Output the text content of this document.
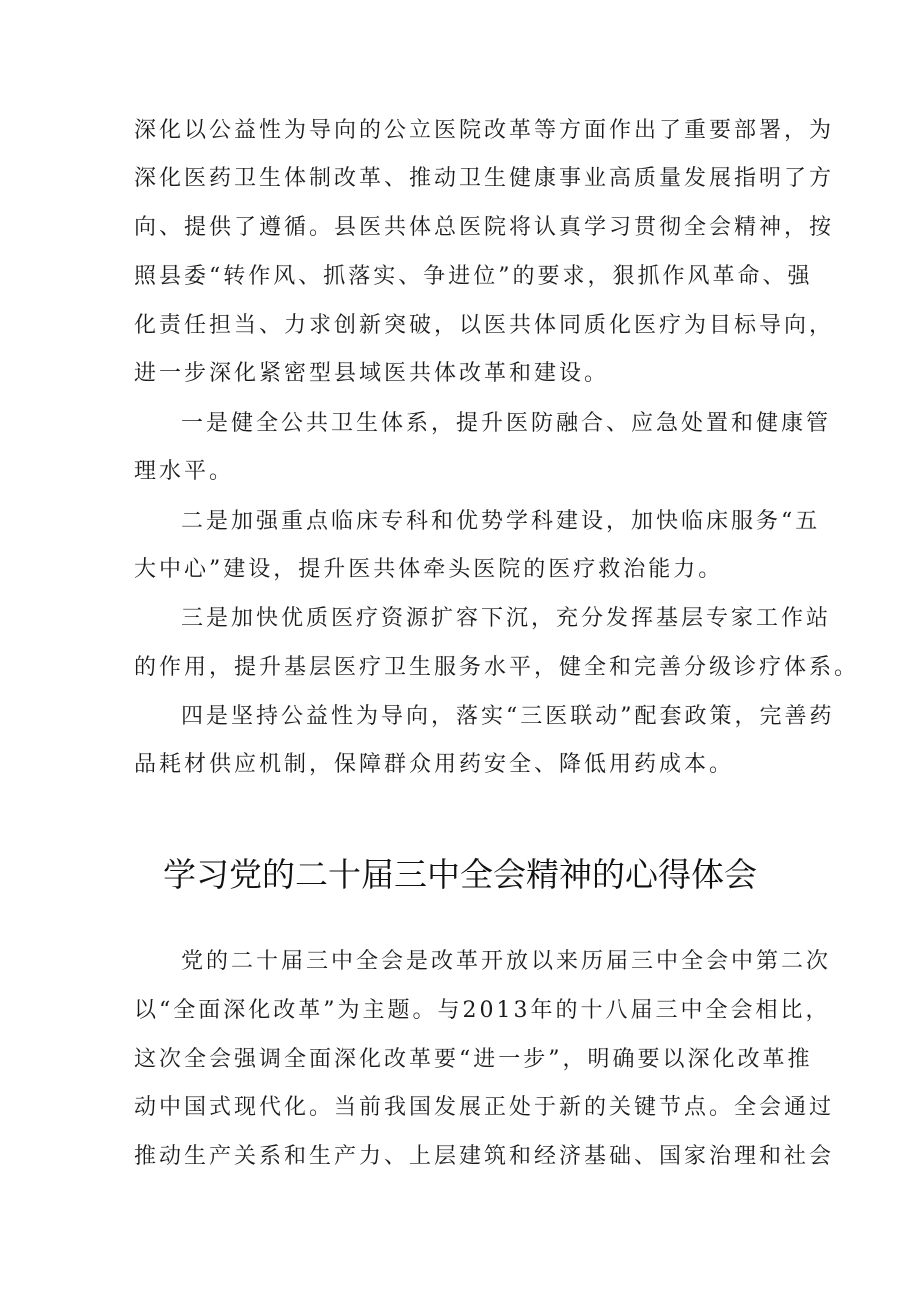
深化以公益性为导向的公立医院改革等方面作出了重要部署，为
深化医药卫生体制改革、推动卫生健康事业高质量发展指明了方
向、提供了遵循。县医共体总医院将认真学习贯彻全会精神，按
照县委“转作风、抓落实、争进位”的要求，狠抓作风革命、强
化责任担当、力求创新突破，以医共体同质化医疗为目标导向，
进一步深化紧密型县域医共体改革和建设。
一是健全公共卫生体系，提升医防融合、应急处置和健康管
理水平。
二是加强重点临床专科和优势学科建设，加快临床服务“五
大中心”建设，提升医共体牵头医院的医疗救治能力。
三是加快优质医疗资源扩容下沉，充分发挥基层专家工作站
的作用，提升基层医疗卫生服务水平，健全和完善分级诊疗体系。
四是坚持公益性为导向，落实“三医联动”配套政策，完善药
品耗材供应机制，保障群众用药安全、降低用药成本。
学习党的二十届三中全会精神的心得体会
党的二十届三中全会是改革开放以来历届三中全会中第二次
以“全面深化改革”为主题。与2013年的十八届三中全会相比，
这次全会强调全面深化改革要“进一步”，明确要以深化改革推
动中国式现代化。当前我国发展正处于新的关键节点。全会通过
推动生产关系和生产力、上层建筑和经济基础、国家治理和社会
